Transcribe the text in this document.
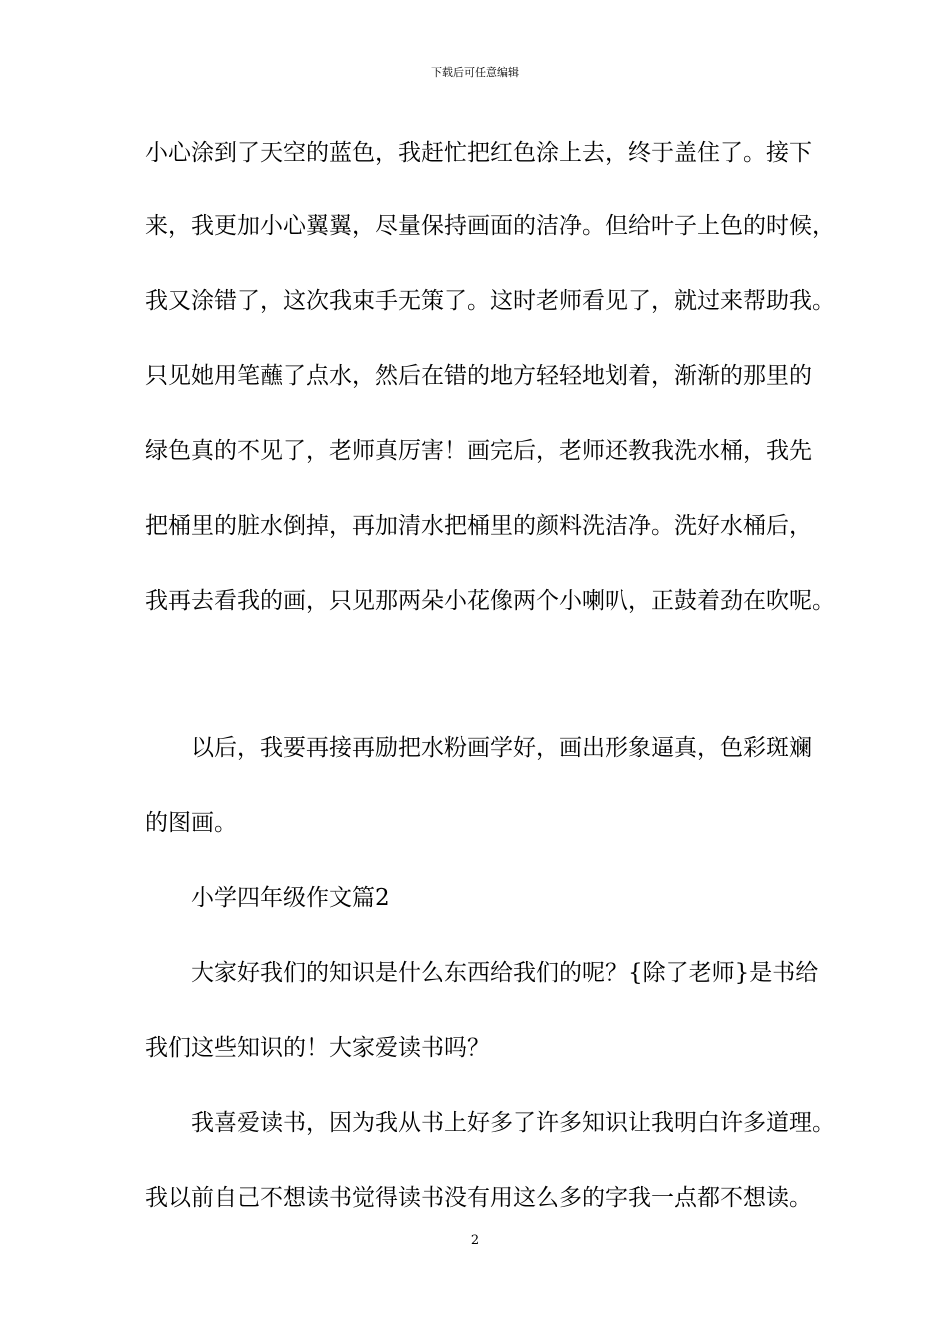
下载后可任意编辑
小心涂到了天空的蓝色，我赶忙把红色涂上去，终于盖住了。接下
来，我更加小心翼翼，尽量保持画面的洁净。但给叶子上色的时候，
我又涂错了，这次我束手无策了。这时老师看见了，就过来帮助我。
只见她用笔蘸了点水，然后在错的地方轻轻地划着，渐渐的那里的
绿色真的不见了，老师真厉害！画完后，老师还教我洗水桶，我先
把桶里的脏水倒掉，再加清水把桶里的颜料洗洁净。洗好水桶后，
我再去看我的画，只见那两朵小花像两个小喇叭，正鼓着劲在吹呢。
以后，我要再接再励把水粉画学好，画出形象逼真，色彩斑斓
的图画。
小学四年级作文篇2
大家好我们的知识是什么东西给我们的呢？{除了老师}是书给
我们这些知识的！大家爱读书吗？
我喜爱读书，因为我从书上好多了许多知识让我明白许多道理。
我以前自己不想读书觉得读书没有用这么多的字我一点都不想读。
2
